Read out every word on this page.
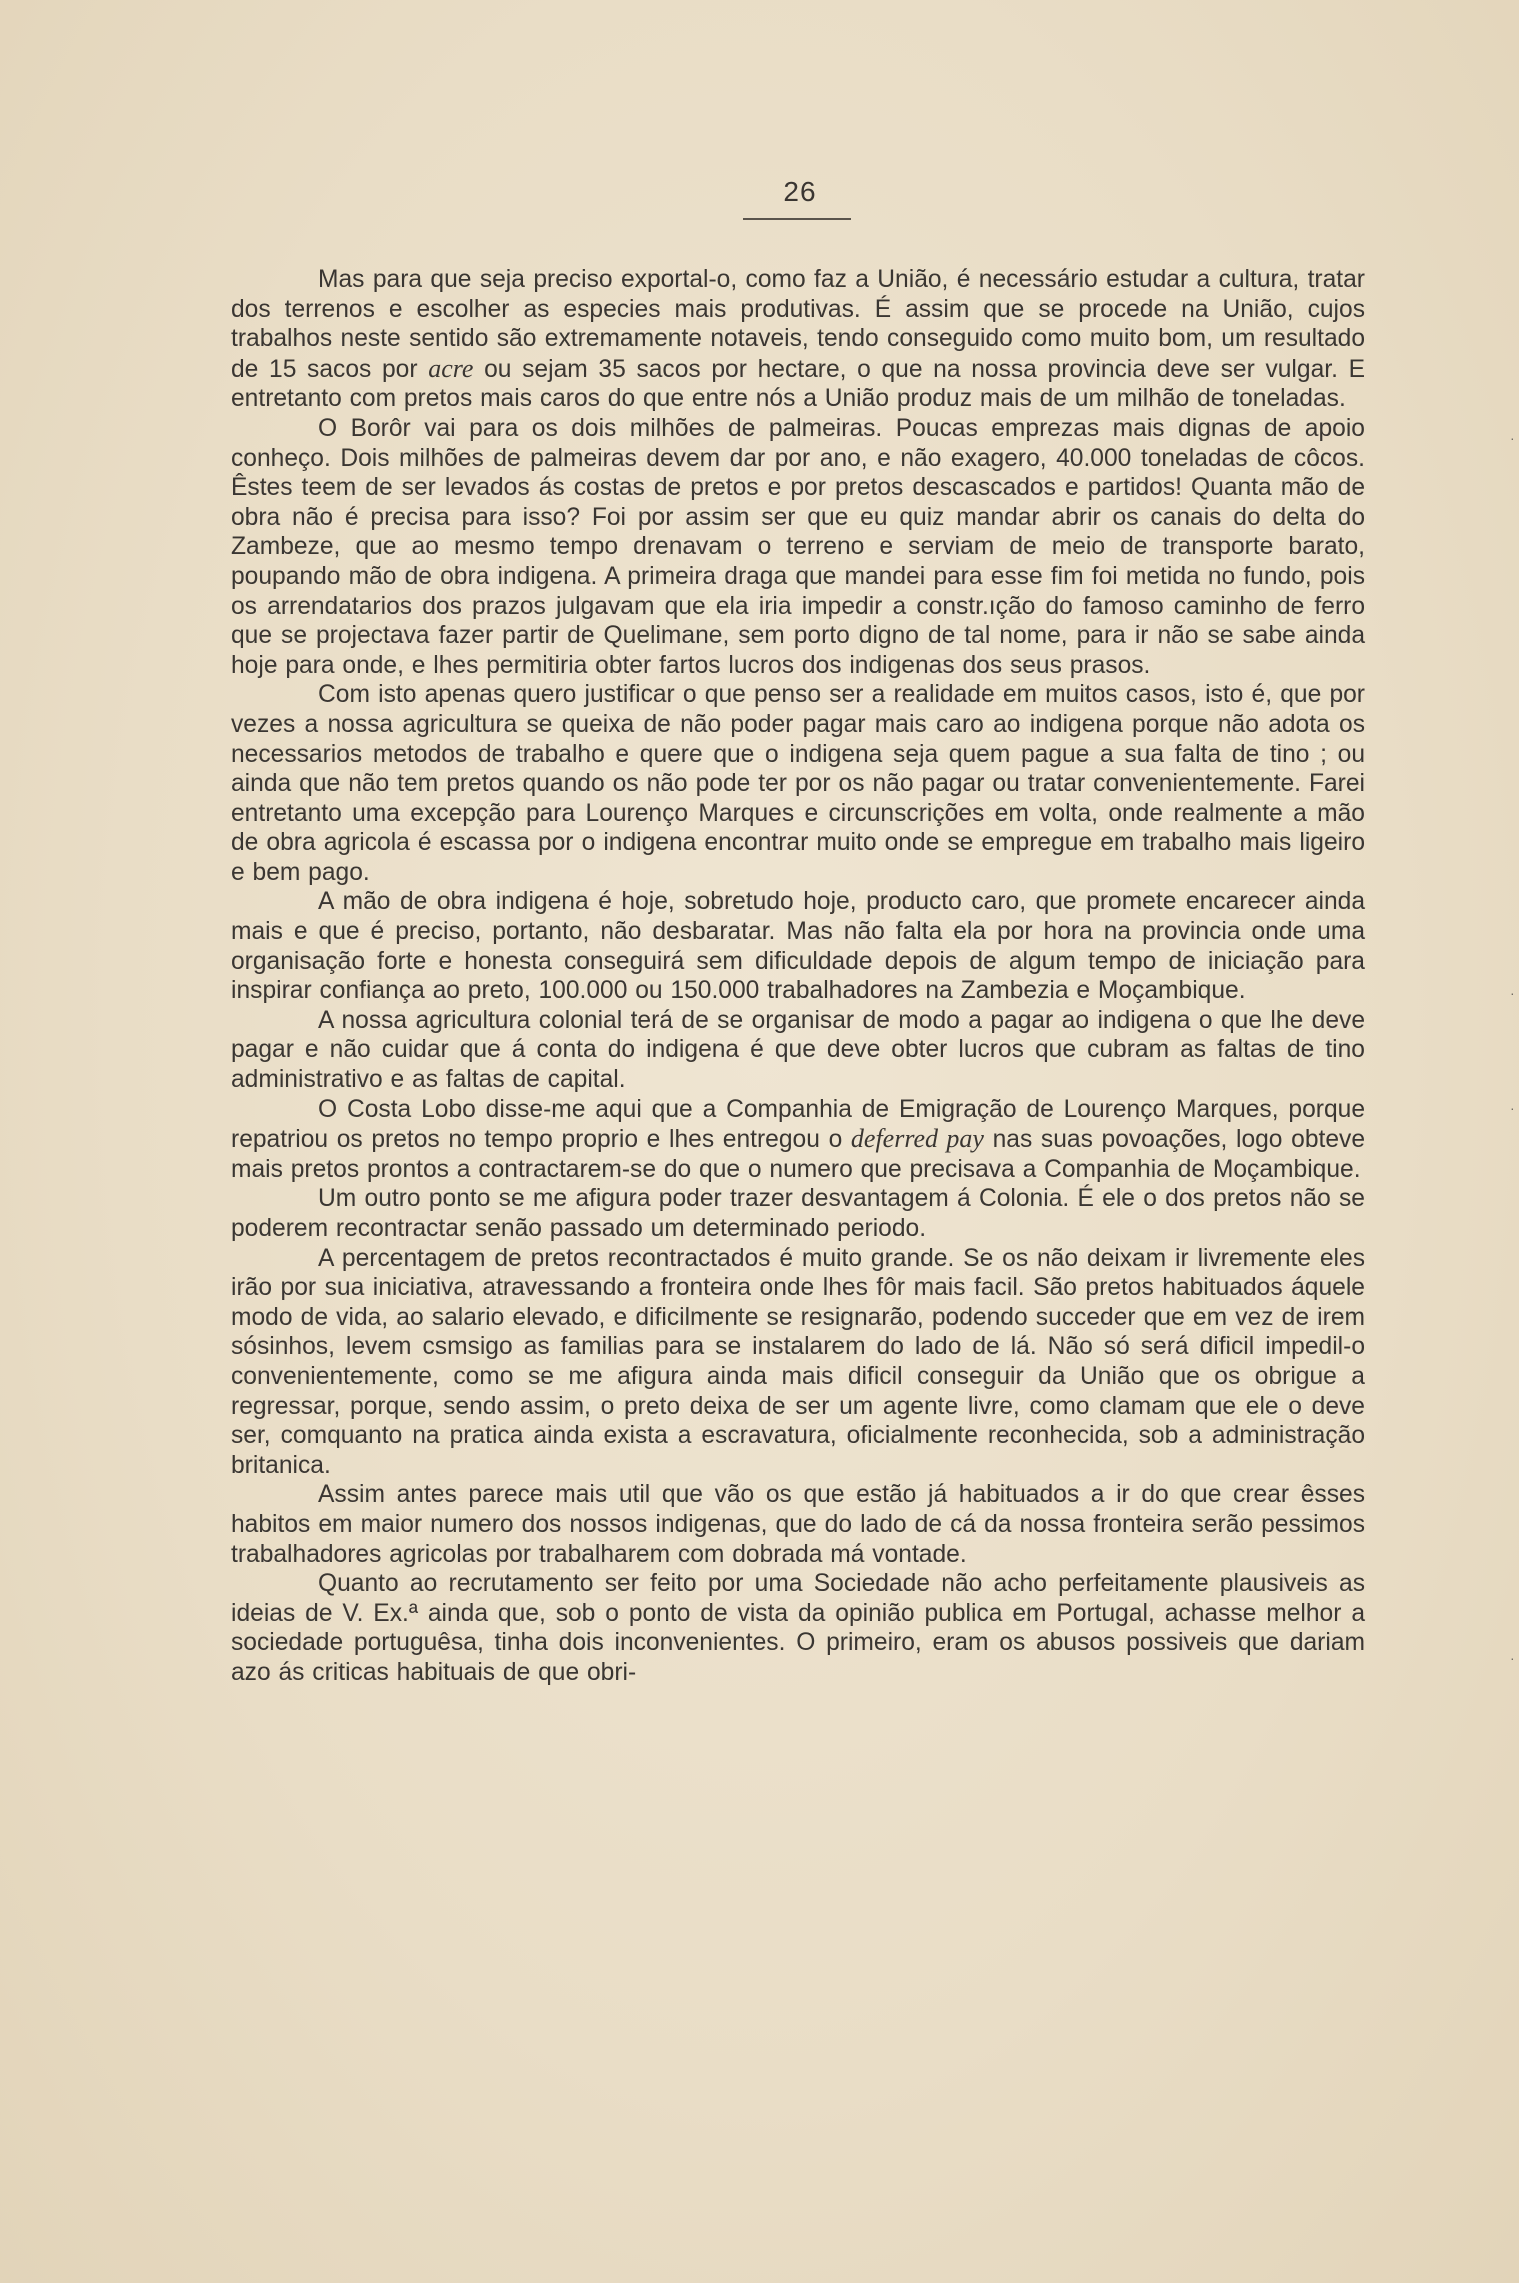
26

Mas para que seja preciso exportal-o, como faz a União, é necessário estudar a cultura, tratar dos terrenos e escolher as especies mais produtivas. É assim que se procede na União, cujos trabalhos neste sentido são extremamente notaveis, tendo conseguido como muito bom, um resultado de 15 sacos por acre ou sejam 35 sacos por hectare, o que na nossa provincia deve ser vulgar. E entretanto com pretos mais caros do que entre nós a União produz mais de um milhão de toneladas.

O Borôr vai para os dois milhões de palmeiras. Poucas emprezas mais dignas de apoio conheço. Dois milhões de palmeiras devem dar por ano, e não exagero, 40.000 toneladas de côcos. Êstes teem de ser levados ás costas de pretos e por pretos descascados e partidos! Quanta mão de obra não é precisa para isso? Foi por assim ser que eu quiz mandar abrir os canais do delta do Zambeze, que ao mesmo tempo drenavam o terreno e serviam de meio de transporte barato, poupando mão de obra indigena. A primeira draga que mandei para esse fim foi metida no fundo, pois os arrendatarios dos prazos julgavam que ela iria impedir a constr.ıção do famoso caminho de ferro que se projectava fazer partir de Quelimane, sem porto digno de tal nome, para ir não se sabe ainda hoje para onde, e lhes permitiria obter fartos lucros dos indigenas dos seus prasos.

Com isto apenas quero justificar o que penso ser a realidade em muitos casos, isto é, que por vezes a nossa agricultura se queixa de não poder pagar mais caro ao indigena porque não adota os necessarios metodos de trabalho e quere que o indigena seja quem pague a sua falta de tino ; ou ainda que não tem pretos quando os não pode ter por os não pagar ou tratar convenientemente. Farei entretanto uma excepção para Lourenço Marques e circunscrições em volta, onde realmente a mão de obra agricola é escassa por o indigena encontrar muito onde se empregue em trabalho mais ligeiro e bem pago.

A mão de obra indigena é hoje, sobretudo hoje, producto caro, que promete encarecer ainda mais e que é preciso, portanto, não desbaratar. Mas não falta ela por hora na provincia onde uma organisação forte e honesta conseguirá sem dificuldade depois de algum tempo de iniciação para inspirar confiança ao preto, 100.000 ou 150.000 trabalhadores na Zambezia e Moçambique.

A nossa agricultura colonial terá de se organisar de modo a pagar ao indigena o que lhe deve pagar e não cuidar que á conta do indigena é que deve obter lucros que cubram as faltas de tino administrativo e as faltas de capital.

O Costa Lobo disse-me aqui que a Companhia de Emigração de Lourenço Marques, porque repatriou os pretos no tempo proprio e lhes entregou o deferred pay nas suas povoações, logo obteve mais pretos prontos a contractarem-se do que o numero que precisava a Companhia de Moçambique.

Um outro ponto se me afigura poder trazer desvantagem á Colonia. É ele o dos pretos não se poderem recontractar senão passado um determinado periodo.

A percentagem de pretos recontractados é muito grande. Se os não deixam ir livremente eles irão por sua iniciativa, atravessando a fronteira onde lhes fôr mais facil. São pretos habituados áquele modo de vida, ao salario elevado, e dificilmente se resignarão, podendo succeder que em vez de irem sósinhos, levem csmsigo as familias para se instalarem do lado de lá. Não só será dificil impedil-o convenientemente, como se me afigura ainda mais dificil conseguir da União que os obrigue a regressar, porque, sendo assim, o preto deixa de ser um agente livre, como clamam que ele o deve ser, comquanto na pratica ainda exista a escravatura, oficialmente reconhecida, sob a administração britanica.

Assim antes parece mais util que vão os que estão já habituados a ir do que crear êsses habitos em maior numero dos nossos indigenas, que do lado de cá da nossa fronteira serão pessimos trabalhadores agricolas por trabalharem com dobrada má vontade.

Quanto ao recrutamento ser feito por uma Sociedade não acho perfeitamente plausiveis as ideias de V. Ex.ª ainda que, sob o ponto de vista da opinião publica em Portugal, achasse melhor a sociedade portuguêsa, tinha dois inconvenientes. O primeiro, eram os abusos possiveis que dariam azo ás criticas habituais de que obri-

·
·
·
·
